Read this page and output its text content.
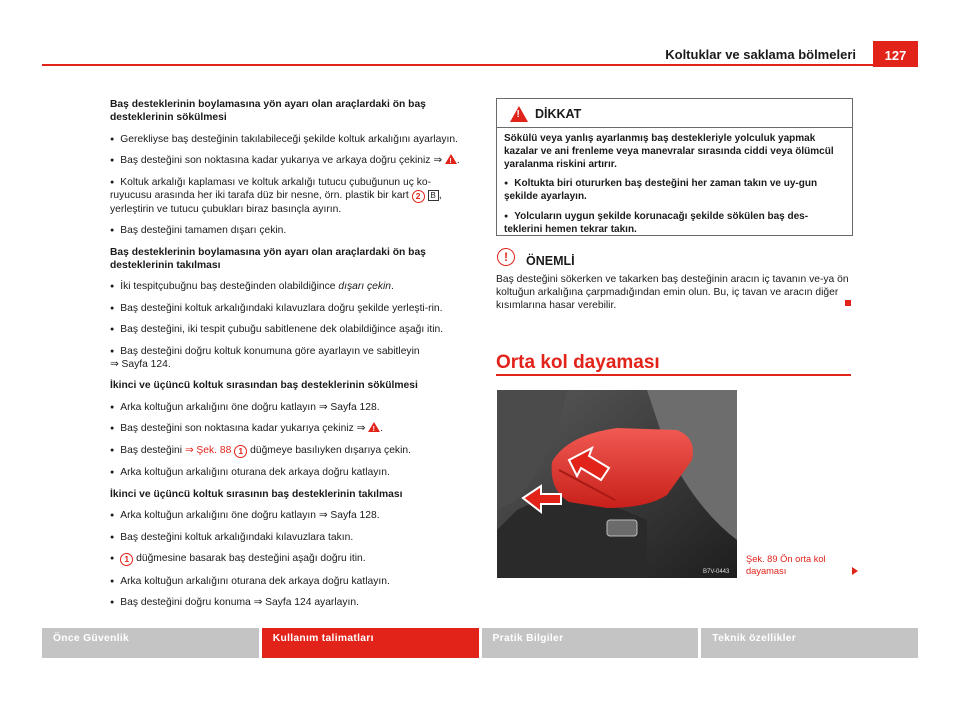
Koltuklar ve saklama bölmeleri	127

Baş desteklerinin boylamasına yön ayarı olan araçlardaki ön baş desteklerinin sökülmesi

● Gerekliyse baş desteğinin takılabileceği şekilde koltuk arkalığını ayarlayın.

● Baş desteğini son noktasına kadar yukarıya ve arkaya doğru çekiniz ⇒ ! .

● Koltuk arkalığı kaplaması ve koltuk arkalığı tutucu çubuğunun uç ko-ruyucusu arasında her iki tarafa düz bir nesne, örn. plastik bir kart 2 B , yerleştirin ve tutucu çubukları biraz basınçla ayırın.

● Baş desteğini tamamen dışarı çekin.

Baş desteklerinin boylamasına yön ayarı olan araçlardaki ön baş desteklerinin takılması

● İki tespitçubuğnu baş desteğinden olabildiğince dışarı çekin.

● Baş desteğini koltuk arkalığındaki kılavuzlara doğru şekilde yerleşti-rin.

● Baş desteğini, iki tespit çubuğu sabitlenene dek olabildiğince aşağı itin.

● Baş desteğini doğru koltuk konumuna göre ayarlayın ve sabitleyin
⇒ Sayfa 124.

İkinci ve üçüncü koltuk sırasından baş desteklerinin sökülmesi

● Arka koltuğun arkalığını öne doğru katlayın ⇒ Sayfa 128.

● Baş desteğini son noktasına kadar yukarıya çekiniz ⇒ ! .

● Baş desteğini ⇒ Şek. 88 1 düğmeye basılıyken dışarıya çekin.

● Arka koltuğun arkalığını oturana dek arkaya doğru katlayın.

İkinci ve üçüncü koltuk sırasının baş desteklerinin takılması

● Arka koltuğun arkalığını öne doğru katlayın ⇒ Sayfa 128.

● Baş desteğini koltuk arkalığındaki kılavuzlara takın.

● 1 düğmesine basarak baş desteğini aşağı doğru itin.

● Arka koltuğun arkalığını oturana dek arkaya doğru katlayın.

● Baş desteğini doğru konuma ⇒ Sayfa 124 ayarlayın.

!
DİKKAT

Sökülü veya yanlış ayarlanmış baş destekleriyle yolculuk yapmak kazalar ve ani frenleme veya manevralar sırasında ciddi veya ölümcül yaralanma riskini artırır.

● Koltukta biri otururken baş desteğini her zaman takın ve uy-gun şekilde ayarlayın.

● Yolcuların uygun şekilde korunacağı şekilde sökülen baş des-teklerini hemen tekrar takın.

!	ÖNEMLİ
Baş desteğini sökerken ve takarken baş desteğinin aracın iç tavanın ve-ya ön koltuğun arkalığına çarpmadığından emin olun. Bu, iç tavan ve aracın diğer kısımlarına hasar verebilir.
Orta kol dayaması
B7V-0443
Şek. 89 Ön orta kol dayaması
Önce Güvenlik	Kullanım talimatları	Pratik Bilgiler	Teknik özellikler
